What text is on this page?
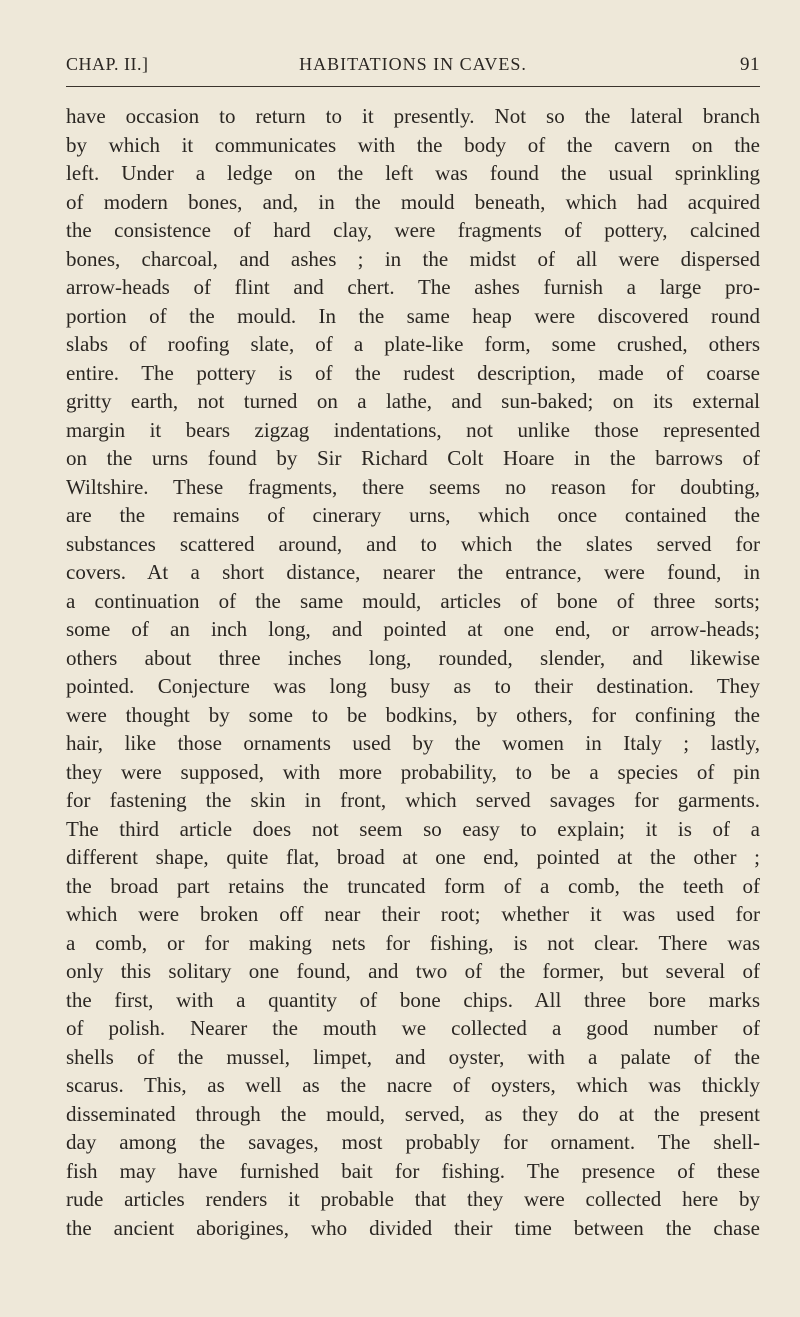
CHAP. II.]	HABITATIONS IN CAVES.	91
have occasion to return to it presently. Not so the lateral branch
by which it communicates with the body of the cavern on the
left. Under a ledge on the left was found the usual sprinkling
of modern bones, and, in the mould beneath, which had acquired
the consistence of hard clay, were fragments of pottery, calcined
bones, charcoal, and ashes ; in the midst of all were dispersed
arrow-heads of flint and chert. The ashes furnish a large pro-
portion of the mould. In the same heap were discovered round
slabs of roofing slate, of a plate-like form, some crushed, others
entire. The pottery is of the rudest description, made of coarse
gritty earth, not turned on a lathe, and sun-baked; on its external
margin it bears zigzag indentations, not unlike those represented
on the urns found by Sir Richard Colt Hoare in the barrows of
Wiltshire. These fragments, there seems no reason for doubting,
are the remains of cinerary urns, which once contained the
substances scattered around, and to which the slates served for
covers. At a short distance, nearer the entrance, were found, in
a continuation of the same mould, articles of bone of three sorts;
some of an inch long, and pointed at one end, or arrow-heads;
others about three inches long, rounded, slender, and likewise
pointed. Conjecture was long busy as to their destination. They
were thought by some to be bodkins, by others, for confining the
hair, like those ornaments used by the women in Italy ; lastly,
they were supposed, with more probability, to be a species of pin
for fastening the skin in front, which served savages for garments.
The third article does not seem so easy to explain; it is of a
different shape, quite flat, broad at one end, pointed at the other ;
the broad part retains the truncated form of a comb, the teeth of
which were broken off near their root; whether it was used for
a comb, or for making nets for fishing, is not clear. There was
only this solitary one found, and two of the former, but several of
the first, with a quantity of bone chips. All three bore marks
of polish. Nearer the mouth we collected a good number of
shells of the mussel, limpet, and oyster, with a palate of the
scarus. This, as well as the nacre of oysters, which was thickly
disseminated through the mould, served, as they do at the present
day among the savages, most probably for ornament. The shell-
fish may have furnished bait for fishing. The presence of these
rude articles renders it probable that they were collected here by
the ancient aborigines, who divided their time between the chase
